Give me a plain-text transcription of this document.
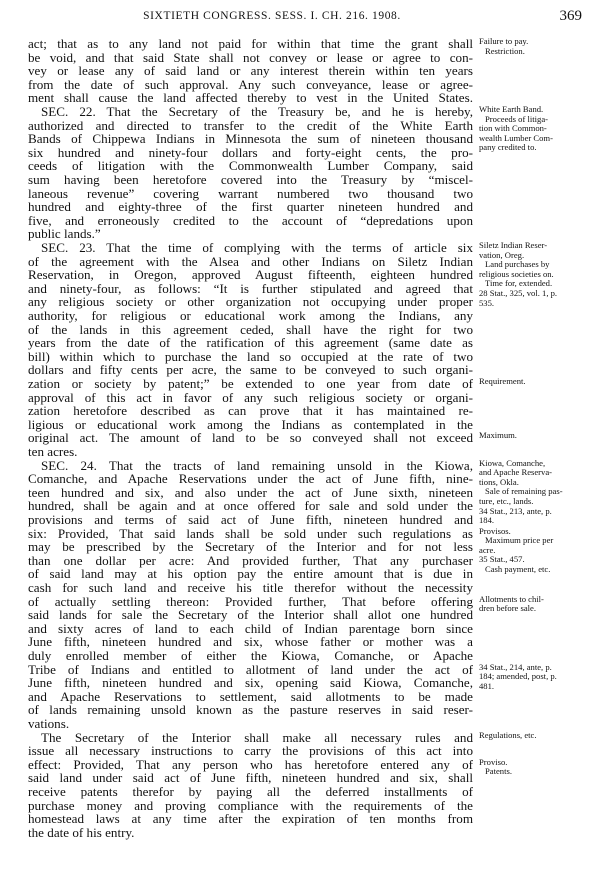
SIXTIETH CONGRESS. SESS. I. CH. 216. 1908.	369
act; that as to any land not paid for within that time the grant shall
be void, and that said State shall not convey or lease or agree to con-
vey or lease any of said land or any interest therein within ten years
from the date of such approval. Any such conveyance, lease or agree-
ment shall cause the land affected thereby to vest in the United States.
SEC. 22. That the Secretary of the Treasury be, and he is hereby,
authorized and directed to transfer to the credit of the White Earth
Bands of Chippewa Indians in Minnesota the sum of nineteen thousand
six hundred and ninety-four dollars and forty-eight cents, the pro-
ceeds of litigation with the Commonwealth Lumber Company, said
sum having been heretofore covered into the Treasury by “miscel-
laneous revenue” covering warrant numbered two thousand two
hundred and eighty-three of the first quarter nineteen hundred and
five, and erroneously credited to the account of “depredations upon
public lands.”
SEC. 23. That the time of complying with the terms of article six
of the agreement with the Alsea and other Indians on Siletz Indian
Reservation, in Oregon, approved August fifteenth, eighteen hundred
and ninety-four, as follows: “It is further stipulated and agreed that
any religious society or other organization not occupying under proper
authority, for religious or educational work among the Indians, any
of the lands in this agreement ceded, shall have the right for two
years from the date of the ratification of this agreement (same date as
bill) within which to purchase the land so occupied at the rate of two
dollars and fifty cents per acre, the same to be conveyed to such organi-
zation or society by patent;” be extended to one year from date of
approval of this act in favor of any such religious society or organi-
zation heretofore described as can prove that it has maintained re-
ligious or educational work among the Indians as contemplated in the
original act. The amount of land to be so conveyed shall not exceed
ten acres.
SEC. 24. That the tracts of land remaining unsold in the Kiowa,
Comanche, and Apache Reservations under the act of June fifth, nine-
teen hundred and six, and also under the act of June sixth, nineteen
hundred, shall be again and at once offered for sale and sold under the
provisions and terms of said act of June fifth, nineteen hundred and
six: Provided, That said lands shall be sold under such regulations as
may be prescribed by the Secretary of the Interior and for not less
than one dollar per acre: And provided further, That any purchaser
of said land may at his option pay the entire amount that is due in
cash for such land and receive his title therefor without the necessity
of actually settling thereon: Provided further, That before offering
said lands for sale the Secretary of the Interior shall allot one hundred
and sixty acres of land to each child of Indian parentage born since
June fifth, nineteen hundred and six, whose father or mother was a
duly enrolled member of either the Kiowa, Comanche, or Apache
Tribe of Indians and entitled to allotment of land under the act of
June fifth, nineteen hundred and six, opening said Kiowa, Comanche,
and Apache Reservations to settlement, said allotments to be made
of lands remaining unsold known as the pasture reserves in said reser-
vations.
The Secretary of the Interior shall make all necessary rules and
issue all necessary instructions to carry the provisions of this act into
effect: Provided, That any person who has heretofore entered any of
said land under said act of June fifth, nineteen hundred and six, shall
receive patents therefor by paying all the deferred installments of
purchase money and proving compliance with the requirements of the
homestead laws at any time after the expiration of ten months from
the date of his entry.
Failure to pay.
Restriction.
White Earth Band.
Proceeds of litiga-
tion with Common-
wealth Lumber Com-
pany credited to.
Siletz Indian Reser-
vation, Oreg.
Land purchases by
religious societies on.
Time for, extended.
28 Stat., 325, vol. 1, p.
535.
Requirement.
Maximum.
Kiowa, Comanche,
and Apache Reserva-
tions, Okla.
Sale of remaining pas-
ture, etc., lands.
34 Stat., 213, ante, p.
184.
Provisos.
Maximum price per
acre.
35 Stat., 457.
Cash payment, etc.
Allotments to chil-
dren before sale.
34 Stat., 214, ante, p.
184; amended, post, p.
481.
Regulations, etc.
Proviso.
Patents.
